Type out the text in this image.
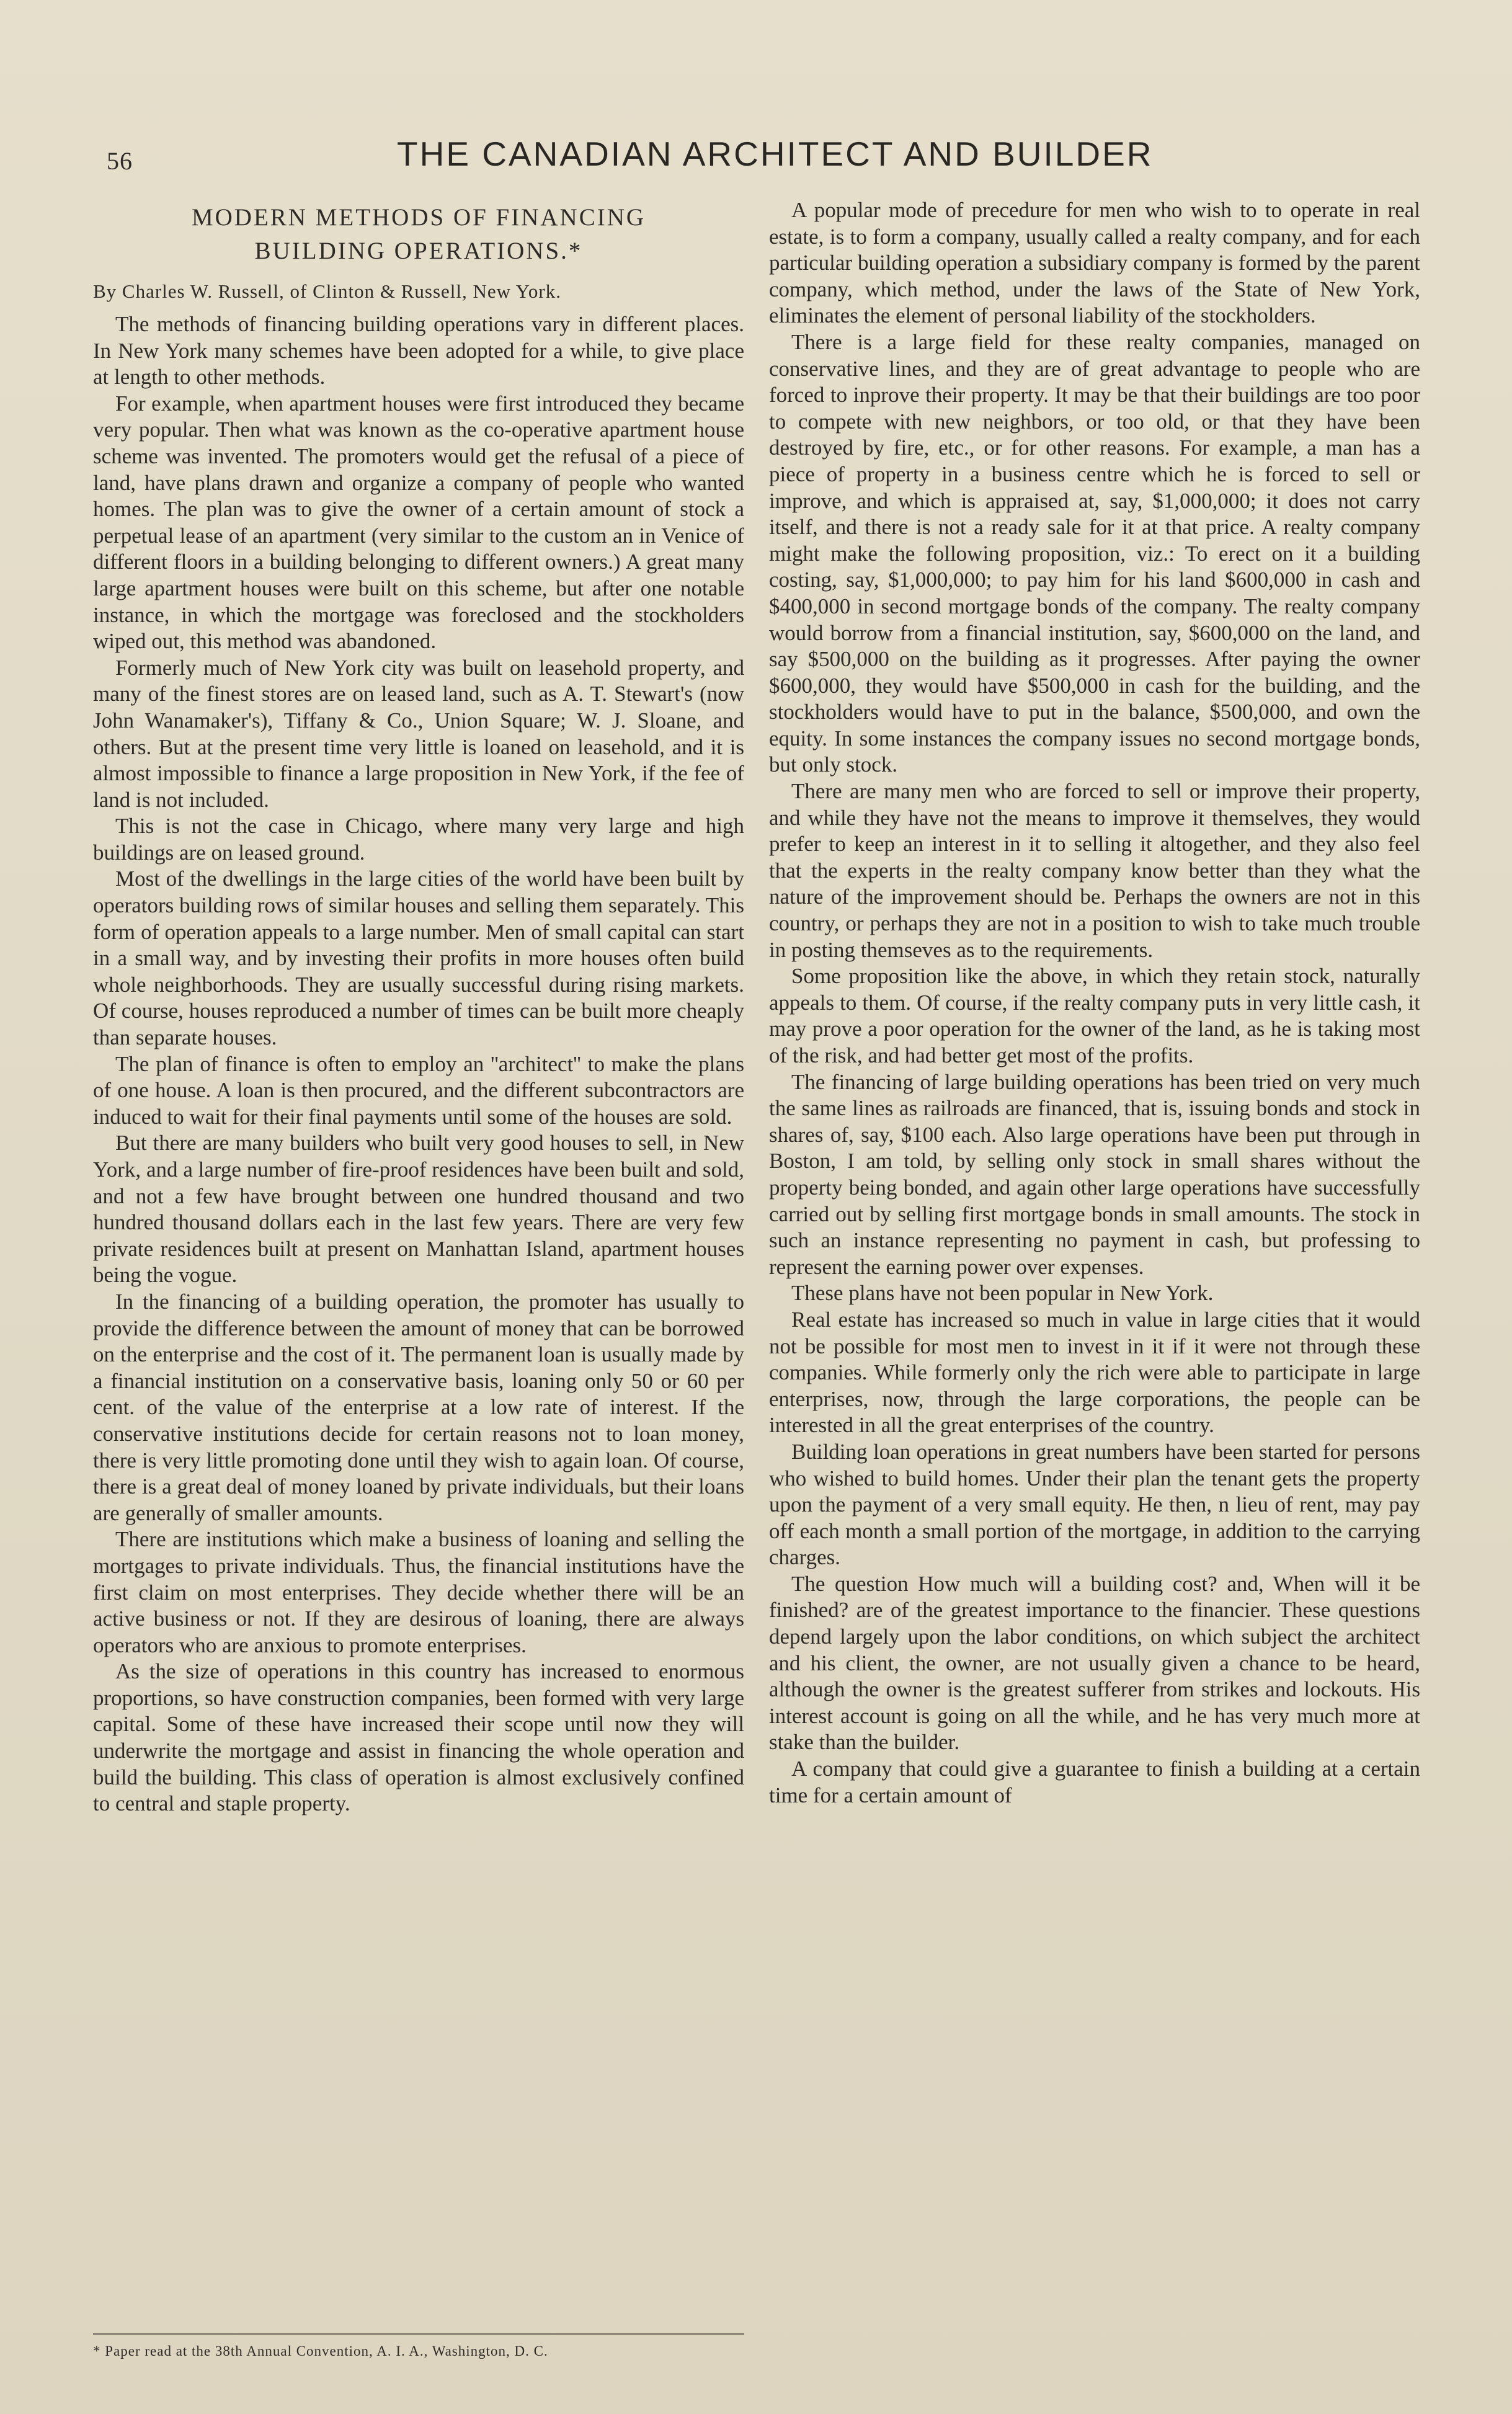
56	THE CANADIAN ARCHITECT AND BUILDER
MODERN METHODS OF FINANCING
BUILDING OPERATIONS.*
By Charles W. Russell, of Clinton & Russell, New York.

The methods of financing building operations vary in different places. In New York many schemes have been adopted for a while, to give place at length to other methods.

For example, when apartment houses were first introduced they became very popular. Then what was known as the co-operative apartment house scheme was invented. The promoters would get the refusal of a piece of land, have plans drawn and organize a company of people who wanted homes. The plan was to give the owner of a certain amount of stock a perpetual lease of an apartment (very similar to the custom an in Venice of different floors in a building belonging to different owners.) A great many large apartment houses were built on this scheme, but after one notable instance, in which the mortgage was foreclosed and the stockholders wiped out, this method was abandoned.

Formerly much of New York city was built on leasehold property, and many of the finest stores are on leased land, such as A. T. Stewart's (now John Wanamaker's), Tiffany & Co., Union Square; W. J. Sloane, and others. But at the present time very little is loaned on leasehold, and it is almost impossible to finance a large proposition in New York, if the fee of land is not included.

This is not the case in Chicago, where many very large and high buildings are on leased ground.

Most of the dwellings in the large cities of the world have been built by operators building rows of similar houses and selling them separately. This form of operation appeals to a large number. Men of small capital can start in a small way, and by investing their profits in more houses often build whole neighborhoods. They are usually successful during rising markets. Of course, houses reproduced a number of times can be built more cheaply than separate houses.

The plan of finance is often to employ an ''architect'' to make the plans of one house. A loan is then procured, and the different subcontractors are induced to wait for their final payments until some of the houses are sold.

But there are many builders who built very good houses to sell, in New York, and a large number of fire-proof residences have been built and sold, and not a few have brought between one hundred thousand and two hundred thousand dollars each in the last few years. There are very few private residences built at present on Manhattan Island, apartment houses being the vogue.

In the financing of a building operation, the promoter has usually to provide the difference between the amount of money that can be borrowed on the enterprise and the cost of it. The permanent loan is usually made by a financial institution on a conservative basis, loaning only 50 or 60 per cent. of the value of the enterprise at a low rate of interest. If the conservative institutions decide for certain reasons not to loan money, there is very little promoting done until they wish to again loan. Of course, there is a great deal of money loaned by private individuals, but their loans are generally of smaller amounts.

There are institutions which make a business of loaning and selling the mortgages to private individuals. Thus, the financial institutions have the first claim on most enterprises. They decide whether there will be an active business or not. If they are desirous of loaning, there are always operators who are anxious to promote enterprises.

As the size of operations in this country has increased to enormous proportions, so have construction companies, been formed with very large capital. Some of these have increased their scope until now they will underwrite the mortgage and assist in financing the whole operation and build the building. This class of operation is almost exclusively confined to central and staple property.

A popular mode of precedure for men who wish to to operate in real estate, is to form a company, usually called a realty company, and for each particular building operation a subsidiary company is formed by the parent company, which method, under the laws of the State of New York, eliminates the element of personal liability of the stockholders.

There is a large field for these realty companies, managed on conservative lines, and they are of great advantage to people who are forced to inprove their property. It may be that their buildings are too poor to compete with new neighbors, or too old, or that they have been destroyed by fire, etc., or for other reasons. For example, a man has a piece of property in a business centre which he is forced to sell or improve, and which is appraised at, say, $1,000,000; it does not carry itself, and there is not a ready sale for it at that price. A realty company might make the following proposition, viz.: To erect on it a building costing, say, $1,000,000; to pay him for his land $600,000 in cash and $400,000 in second mortgage bonds of the company. The realty company would borrow from a financial institution, say, $600,000 on the land, and say $500,000 on the building as it progresses. After paying the owner $600,000, they would have $500,000 in cash for the building, and the stockholders would have to put in the balance, $500,000, and own the equity. In some instances the company issues no second mortgage bonds, but only stock.

There are many men who are forced to sell or improve their property, and while they have not the means to improve it themselves, they would prefer to keep an interest in it to selling it altogether, and they also feel that the experts in the realty company know better than they what the nature of the improvement should be. Perhaps the owners are not in this country, or perhaps they are not in a position to wish to take much trouble in posting themseves as to the requirements.

Some proposition like the above, in which they retain stock, naturally appeals to them. Of course, if the realty company puts in very little cash, it may prove a poor operation for the owner of the land, as he is taking most of the risk, and had better get most of the profits.

The financing of large building operations has been tried on very much the same lines as railroads are financed, that is, issuing bonds and stock in shares of, say, $100 each. Also large operations have been put through in Boston, I am told, by selling only stock in small shares without the property being bonded, and again other large operations have successfully carried out by selling first mortgage bonds in small amounts. The stock in such an instance representing no payment in cash, but professing to represent the earning power over expenses.

These plans have not been popular in New York.

Real estate has increased so much in value in large cities that it would not be possible for most men to invest in it if it were not through these companies. While formerly only the rich were able to participate in large enterprises, now, through the large corporations, the people can be interested in all the great enterprises of the country.

Building loan operations in great numbers have been started for persons who wished to build homes. Under their plan the tenant gets the property upon the payment of a very small equity. He then, n lieu of rent, may pay off each month a small portion of the mortgage, in addition to the carrying charges.

The question How much will a building cost? and, When will it be finished? are of the greatest importance to the financier. These questions depend largely upon the labor conditions, on which subject the architect and his client, the owner, are not usually given a chance to be heard, although the owner is the greatest sufferer from strikes and lockouts. His interest account is going on all the while, and he has very much more at stake than the builder.

A company that could give a guarantee to finish a building at a certain time for a certain amount of

* Paper read at the 38th Annual Convention, A. I. A., Washington, D. C.
